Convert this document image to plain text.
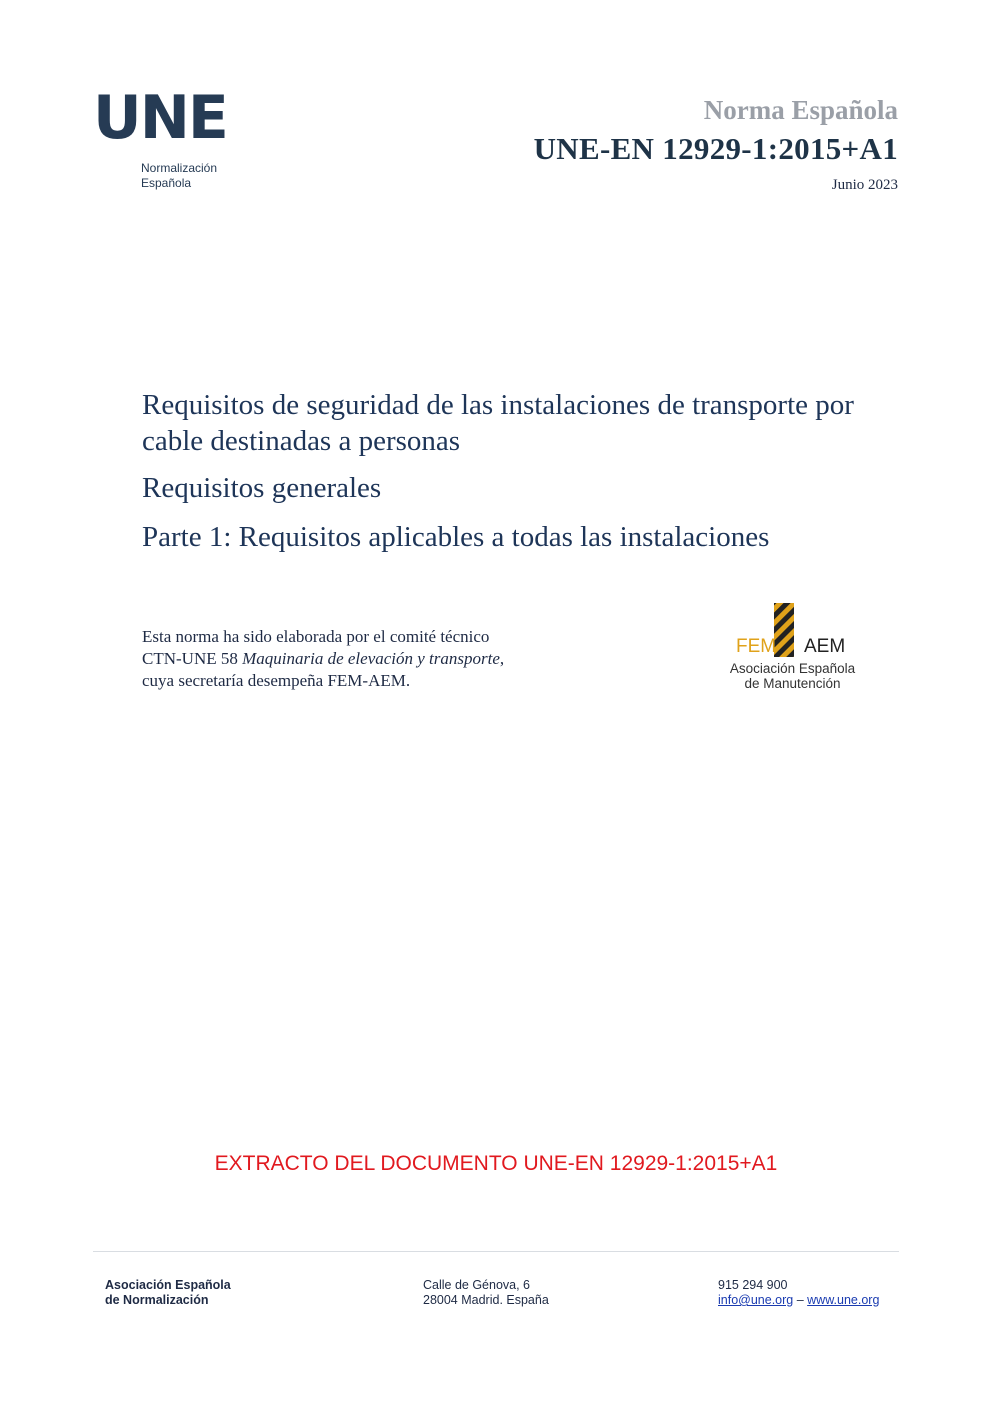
UNE
Normalización
Española
Norma Española
UNE-EN 12929-1:2015+A1
Junio 2023
Requisitos de seguridad de las instalaciones de transporte por cable destinadas a personas
Requisitos generales
Parte 1: Requisitos aplicables a todas las instalaciones
Esta norma ha sido elaborada por el comité técnico
CTN-UNE 58 Maquinaria de elevación y transporte,
cuya secretaría desempeña FEM-AEM.
FEM AEM
Asociación Española
de Manutención
EXTRACTO DEL DOCUMENTO UNE-EN 12929-1:2015+A1
Asociación Española
de Normalización
Calle de Génova, 6
28004 Madrid. España
915 294 900
info@une.org – www.une.org
